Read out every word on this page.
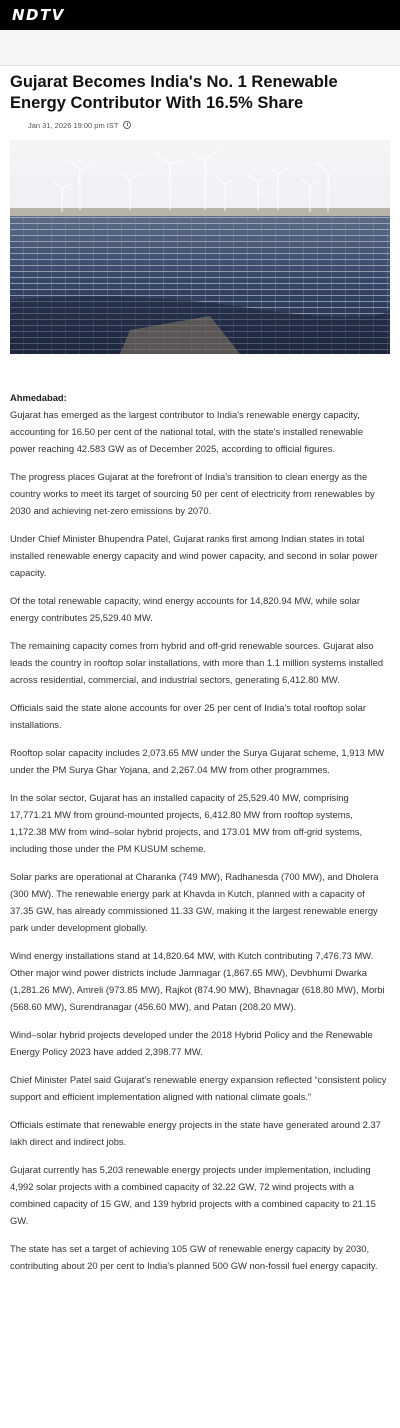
NDTV
Gujarat Becomes India's No. 1 Renewable Energy Contributor With 16.5% Share
Jan 31, 2026 19:00 pm IST

Ahmedabad:
Gujarat has emerged as the largest contributor to India's renewable energy capacity, accounting for 16.50 per cent of the national total, with the state's installed renewable power reaching 42.583 GW as of December 2025, according to official figures.

The progress places Gujarat at the forefront of India's transition to clean energy as the country works to meet its target of sourcing 50 per cent of electricity from renewables by 2030 and achieving net-zero emissions by 2070.

Under Chief Minister Bhupendra Patel, Gujarat ranks first among Indian states in total installed renewable energy capacity and wind power capacity, and second in solar power capacity.

Of the total renewable capacity, wind energy accounts for 14,820.94 MW, while solar energy contributes 25,529.40 MW.

The remaining capacity comes from hybrid and off-grid renewable sources. Gujarat also leads the country in rooftop solar installations, with more than 1.1 million systems installed across residential, commercial, and industrial sectors, generating 6,412.80 MW.

Officials said the state alone accounts for over 25 per cent of India's total rooftop solar installations.

Rooftop solar capacity includes 2,073.65 MW under the Surya Gujarat scheme, 1,913 MW under the PM Surya Ghar Yojana, and 2,267.04 MW from other programmes.

In the solar sector, Gujarat has an installed capacity of 25,529.40 MW, comprising 17,771.21 MW from ground-mounted projects, 6,412.80 MW from rooftop systems, 1,172.38 MW from wind–solar hybrid projects, and 173.01 MW from off-grid systems, including those under the PM KUSUM scheme.

Solar parks are operational at Charanka (749 MW), Radhanesda (700 MW), and Dholera (300 MW). The renewable energy park at Khavda in Kutch, planned with a capacity of 37.35 GW, has already commissioned 11.33 GW, making it the largest renewable energy park under development globally.

Wind energy installations stand at 14,820.64 MW, with Kutch contributing 7,476.73 MW. Other major wind power districts include Jamnagar (1,867.65 MW), Devbhumi Dwarka (1,281.26 MW), Amreli (973.85 MW), Rajkot (874.90 MW), Bhavnagar (618.80 MW), Morbi (568.60 MW), Surendranagar (456.60 MW), and Patan (208.20 MW).

Wind–solar hybrid projects developed under the 2018 Hybrid Policy and the Renewable Energy Policy 2023 have added 2,398.77 MW.

Chief Minister Patel said Gujarat's renewable energy expansion reflected “consistent policy support and efficient implementation aligned with national climate goals.”

Officials estimate that renewable energy projects in the state have generated around 2.37 lakh direct and indirect jobs.

Gujarat currently has 5,203 renewable energy projects under implementation, including 4,992 solar projects with a combined capacity of 32.22 GW, 72 wind projects with a combined capacity of 15 GW, and 139 hybrid projects with a combined capacity to 21.15 GW.

The state has set a target of achieving 105 GW of renewable energy capacity by 2030, contributing about 20 per cent to India's planned 500 GW non-fossil fuel energy capacity.
